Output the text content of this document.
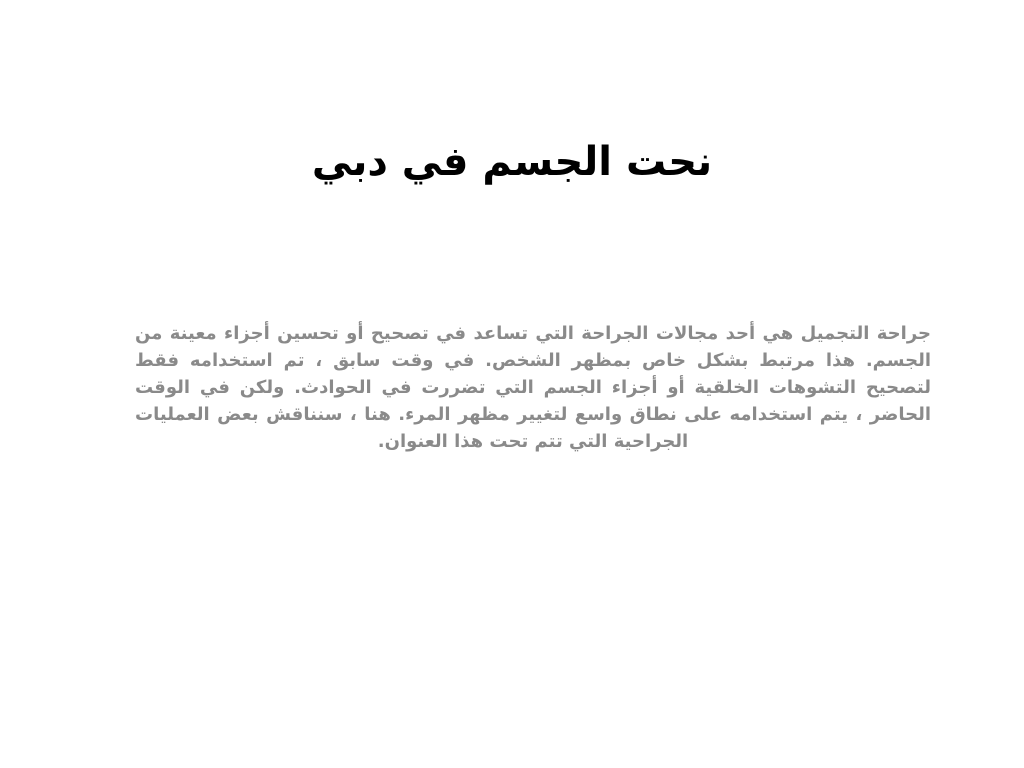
نحت الجسم في دبي

جراحة التجميل هي أحد مجالات الجراحة التي تساعد في تصحيح أو تحسين أجزاء معينة من الجسم. هذا مرتبط بشكل خاص بمظهر الشخص. في وقت سابق ، تم استخدامه فقط لتصحيح التشوهات الخلقية أو أجزاء الجسم التي تضررت في الحوادث. ولكن في الوقت الحاضر ، يتم استخدامه على نطاق واسع لتغيير مظهر المرء. هنا ، سنناقش بعض العمليات الجراحية التي تتم تحت هذا العنوان.
